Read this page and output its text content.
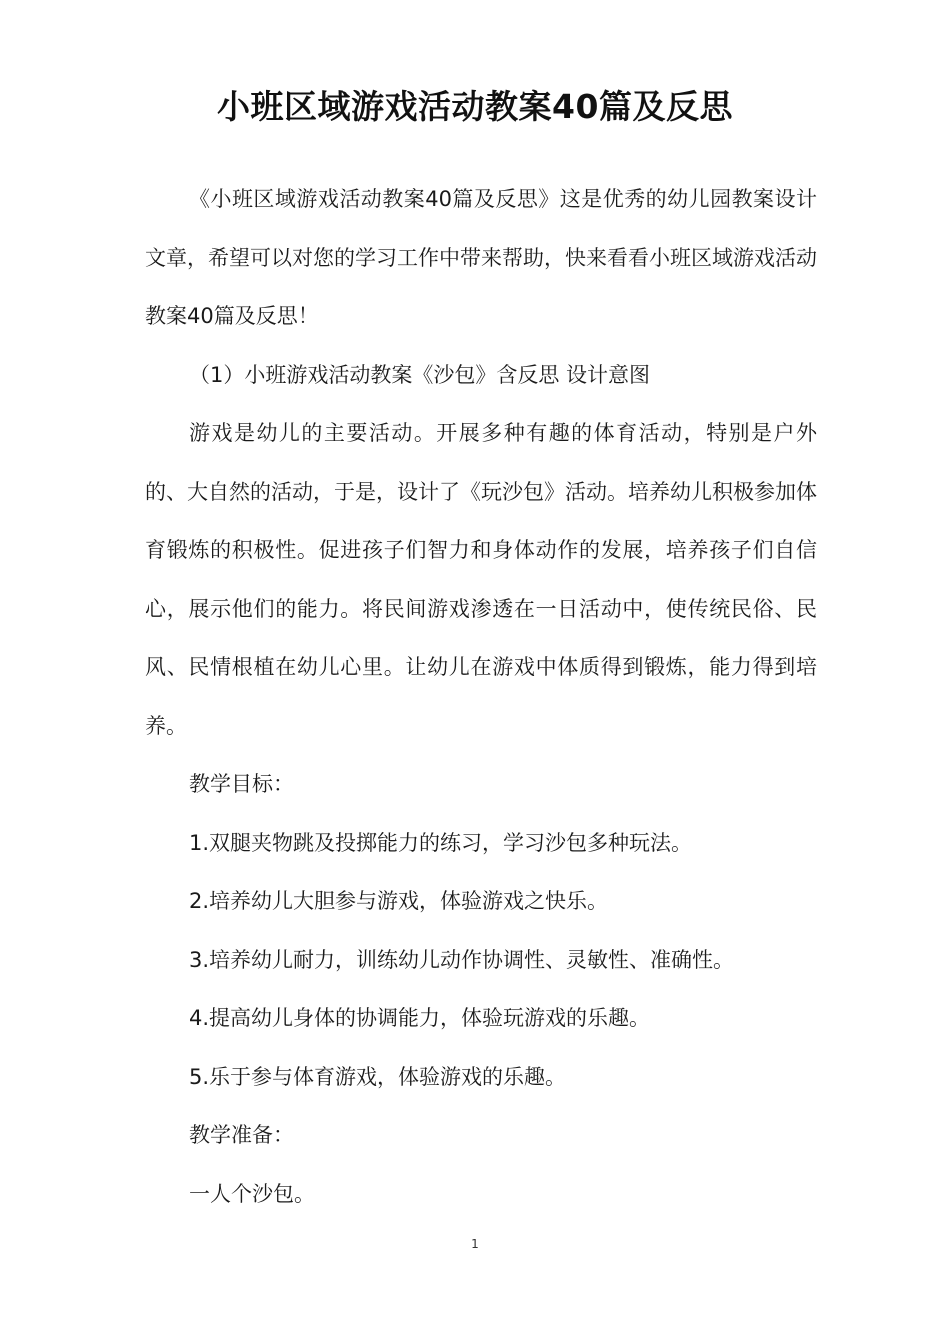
小班区域游戏活动教案40篇及反思

《小班区域游戏活动教案40篇及反思》这是优秀的幼儿园教案设计文章，希望可以对您的学习工作中带来帮助，快来看看小班区域游戏活动教案40篇及反思！

（1）小班游戏活动教案《沙包》含反思 设计意图

游戏是幼儿的主要活动。开展多种有趣的体育活动，特别是户外的、大自然的活动，于是，设计了《玩沙包》活动。培养幼儿积极参加体育锻炼的积极性。促进孩子们智力和身体动作的发展，培养孩子们自信心，展示他们的能力。将民间游戏渗透在一日活动中，使传统民俗、民风、民情根植在幼儿心里。让幼儿在游戏中体质得到锻炼，能力得到培养。

教学目标：

1.双腿夹物跳及投掷能力的练习，学习沙包多种玩法。

2.培养幼儿大胆参与游戏，体验游戏之快乐。

3.培养幼儿耐力，训练幼儿动作协调性、灵敏性、准确性。

4.提高幼儿身体的协调能力，体验玩游戏的乐趣。

5.乐于参与体育游戏，体验游戏的乐趣。

教学准备：

一人个沙包。

1
